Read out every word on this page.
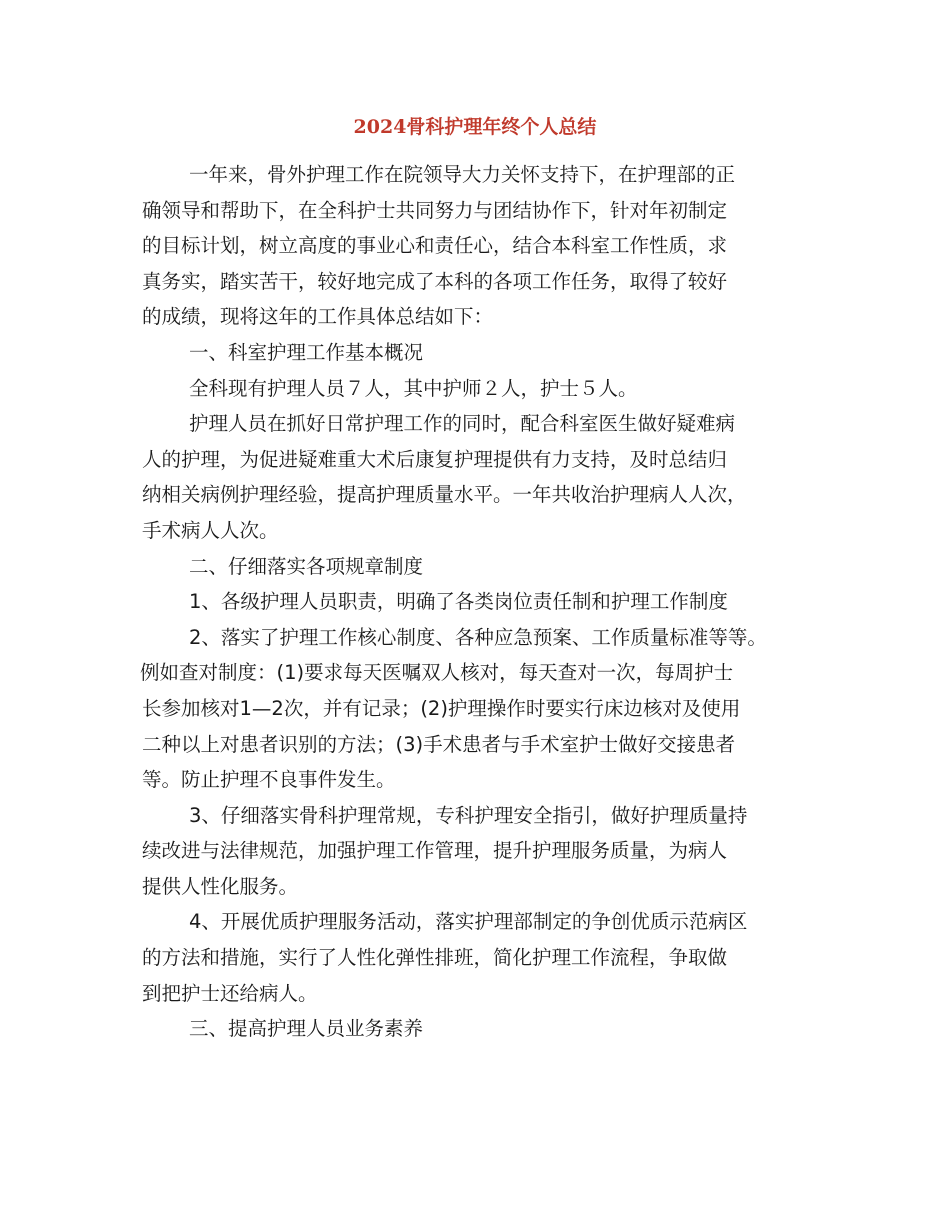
2024骨科护理年终个人总结
一年来，骨外护理工作在院领导大力关怀支持下，在护理部的正
确领导和帮助下，在全科护士共同努力与团结协作下，针对年初制定
的目标计划，树立高度的事业心和责任心，结合本科室工作性质，求
真务实，踏实苦干，较好地完成了本科的各项工作任务，取得了较好
的成绩，现将这年的工作具体总结如下：
一、科室护理工作基本概况
全科现有护理人员７人，其中护师２人，护士５人。
护理人员在抓好日常护理工作的同时，配合科室医生做好疑难病
人的护理，为促进疑难重大术后康复护理提供有力支持，及时总结归
纳相关病例护理经验，提高护理质量水平。一年共收治护理病人人次，
手术病人人次。
二、仔细落实各项规章制度
1、各级护理人员职责，明确了各类岗位责任制和护理工作制度
2、落实了护理工作核心制度、各种应急预案、工作质量标准等等。
例如查对制度：(1)要求每天医嘱双人核对，每天查对一次，每周护士
长参加核对1—2次，并有记录；(2)护理操作时要实行床边核对及使用
二种以上对患者识别的方法；(3)手术患者与手术室护士做好交接患者
等。防止护理不良事件发生。
3、仔细落实骨科护理常规，专科护理安全指引，做好护理质量持
续改进与法律规范，加强护理工作管理，提升护理服务质量，为病人
提供人性化服务。
4、开展优质护理服务活动，落实护理部制定的争创优质示范病区
的方法和措施，实行了人性化弹性排班，简化护理工作流程，争取做
到把护士还给病人。
三、提高护理人员业务素养
